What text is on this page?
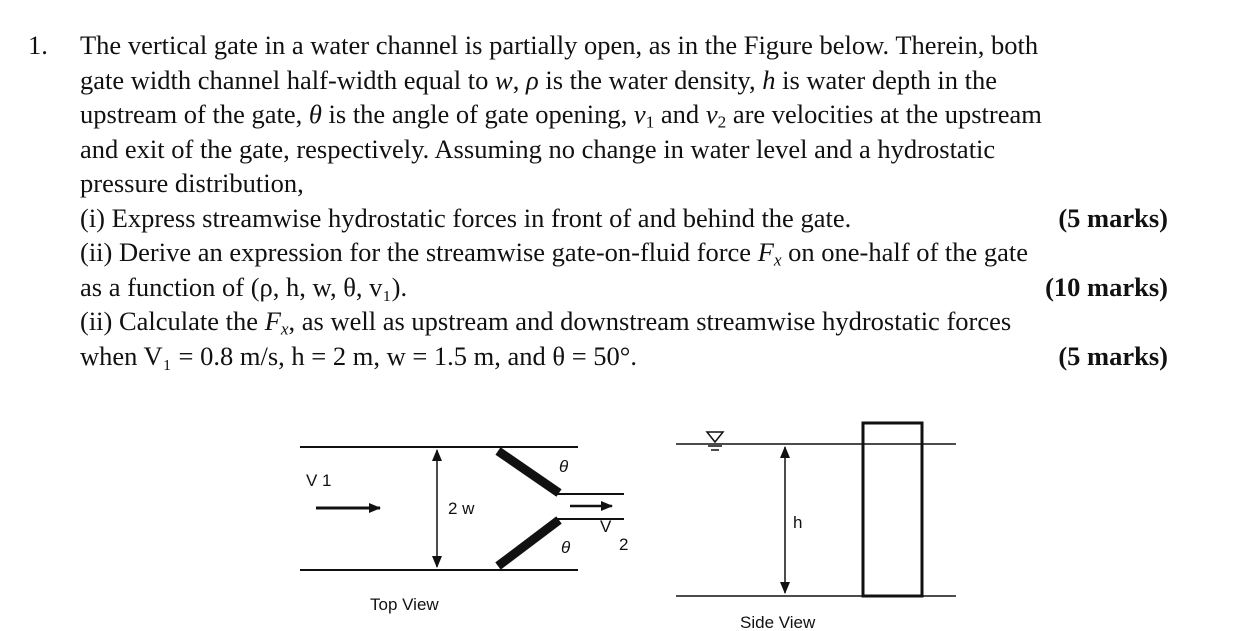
1. The vertical gate in a water channel is partially open, as in the Figure below. Therein, both
gate width channel half-width equal to w, ρ is the water density, h is water depth in the
upstream of the gate, θ is the angle of gate opening, $v_1$ and $v_2$ are velocities at the upstream
and exit of the gate, respectively. Assuming no change in water level and a hydrostatic
pressure distribution,
(i) Express streamwise hydrostatic forces in front of and behind the gate.	(5 marks)
(ii) Derive an expression for the streamwise gate-on-fluid force $F_x$ on one-half of the gate
as a function of (ρ, h, w, θ, v₁).	(10 marks)
(ii) Calculate the $F_x$, as well as upstream and downstream streamwise hydrostatic forces
when V₁ = 0.8 m/s, h = 2 m, w = 1.5 m, and θ = 50°.	(5 marks)
V 1
2 w
θ
θ
V
2
Top View
h
Side View
